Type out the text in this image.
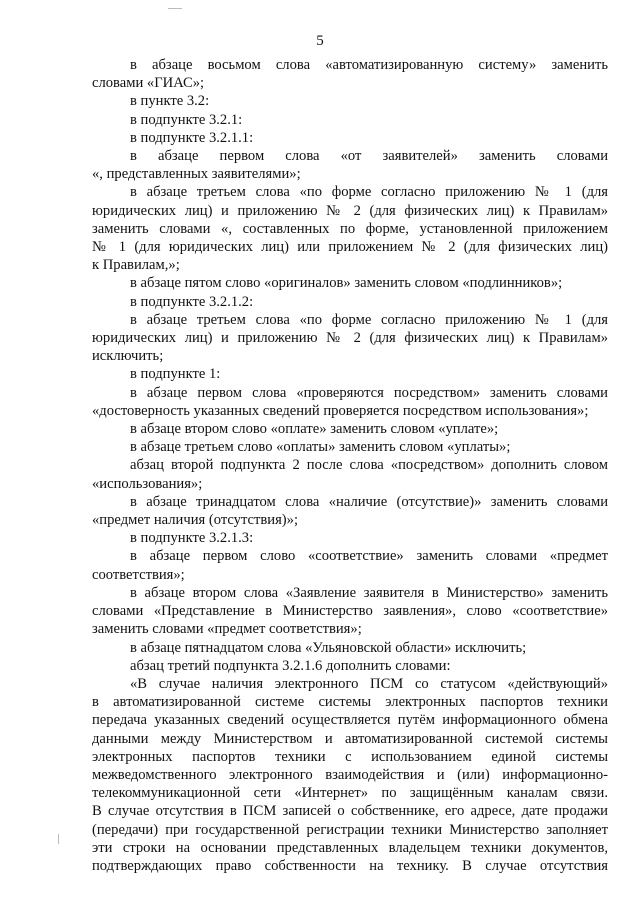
5

в абзаце восьмом слова «автоматизированную систему» заменить

словами «ГИАС»;

в пункте 3.2:

в подпункте 3.2.1:

в подпункте 3.2.1.1:

в абзаце первом слова «от заявителей» заменить словами

«, представленных заявителями»;

в абзаце третьем слова «по форме согласно приложению № 1 (для

юридических лиц) и приложению № 2 (для физических лиц) к Правилам»

заменить словами «, составленных по форме, установленной приложением

№ 1 (для юридических лиц) или приложением № 2 (для физических лиц)

к Правилам,»;

в абзаце пятом слово «оригиналов» заменить словом «подлинников»;

в подпункте 3.2.1.2:

в абзаце третьем слова «по форме согласно приложению № 1 (для

юридических лиц) и приложению № 2 (для физических лиц) к Правилам»

исключить;

в подпункте 1:

в абзаце первом слова «проверяются посредством» заменить словами

«достоверность указанных сведений проверяется посредством использования»;

в абзаце втором слово «оплате» заменить словом «уплате»;

в абзаце третьем слово «оплаты» заменить словом «уплаты»;

абзац второй подпункта 2 после слова «посредством» дополнить словом

«использования»;

в абзаце тринадцатом слова «наличие (отсутствие)» заменить словами

«предмет наличия (отсутствия)»;

в подпункте 3.2.1.3:

в абзаце первом слово «соответствие» заменить словами «предмет

соответствия»;

в абзаце втором слова «Заявление заявителя в Министерство» заменить

словами «Представление в Министерство заявления», слово «соответствие»

заменить словами «предмет соответствия»;

в абзаце пятнадцатом слова «Ульяновской области» исключить;

абзац третий подпункта 3.2.1.6 дополнить словами:

«В случае наличия электронного ПСМ со статусом «действующий»

в автоматизированной системе системы электронных паспортов техники

передача указанных сведений осуществляется путём информационного обмена

данными между Министерством и автоматизированной системой системы

электронных паспортов техники с использованием единой системы

межведомственного электронного взаимодействия и (или) информационно-

телекоммуникационной сети «Интернет» по защищённым каналам связи.

В случае отсутствия в ПСМ записей о собственнике, его адресе, дате продажи

(передачи) при государственной регистрации техники Министерство заполняет

эти строки на основании представленных владельцем техники документов,

подтверждающих право собственности на технику. В случае отсутствия
